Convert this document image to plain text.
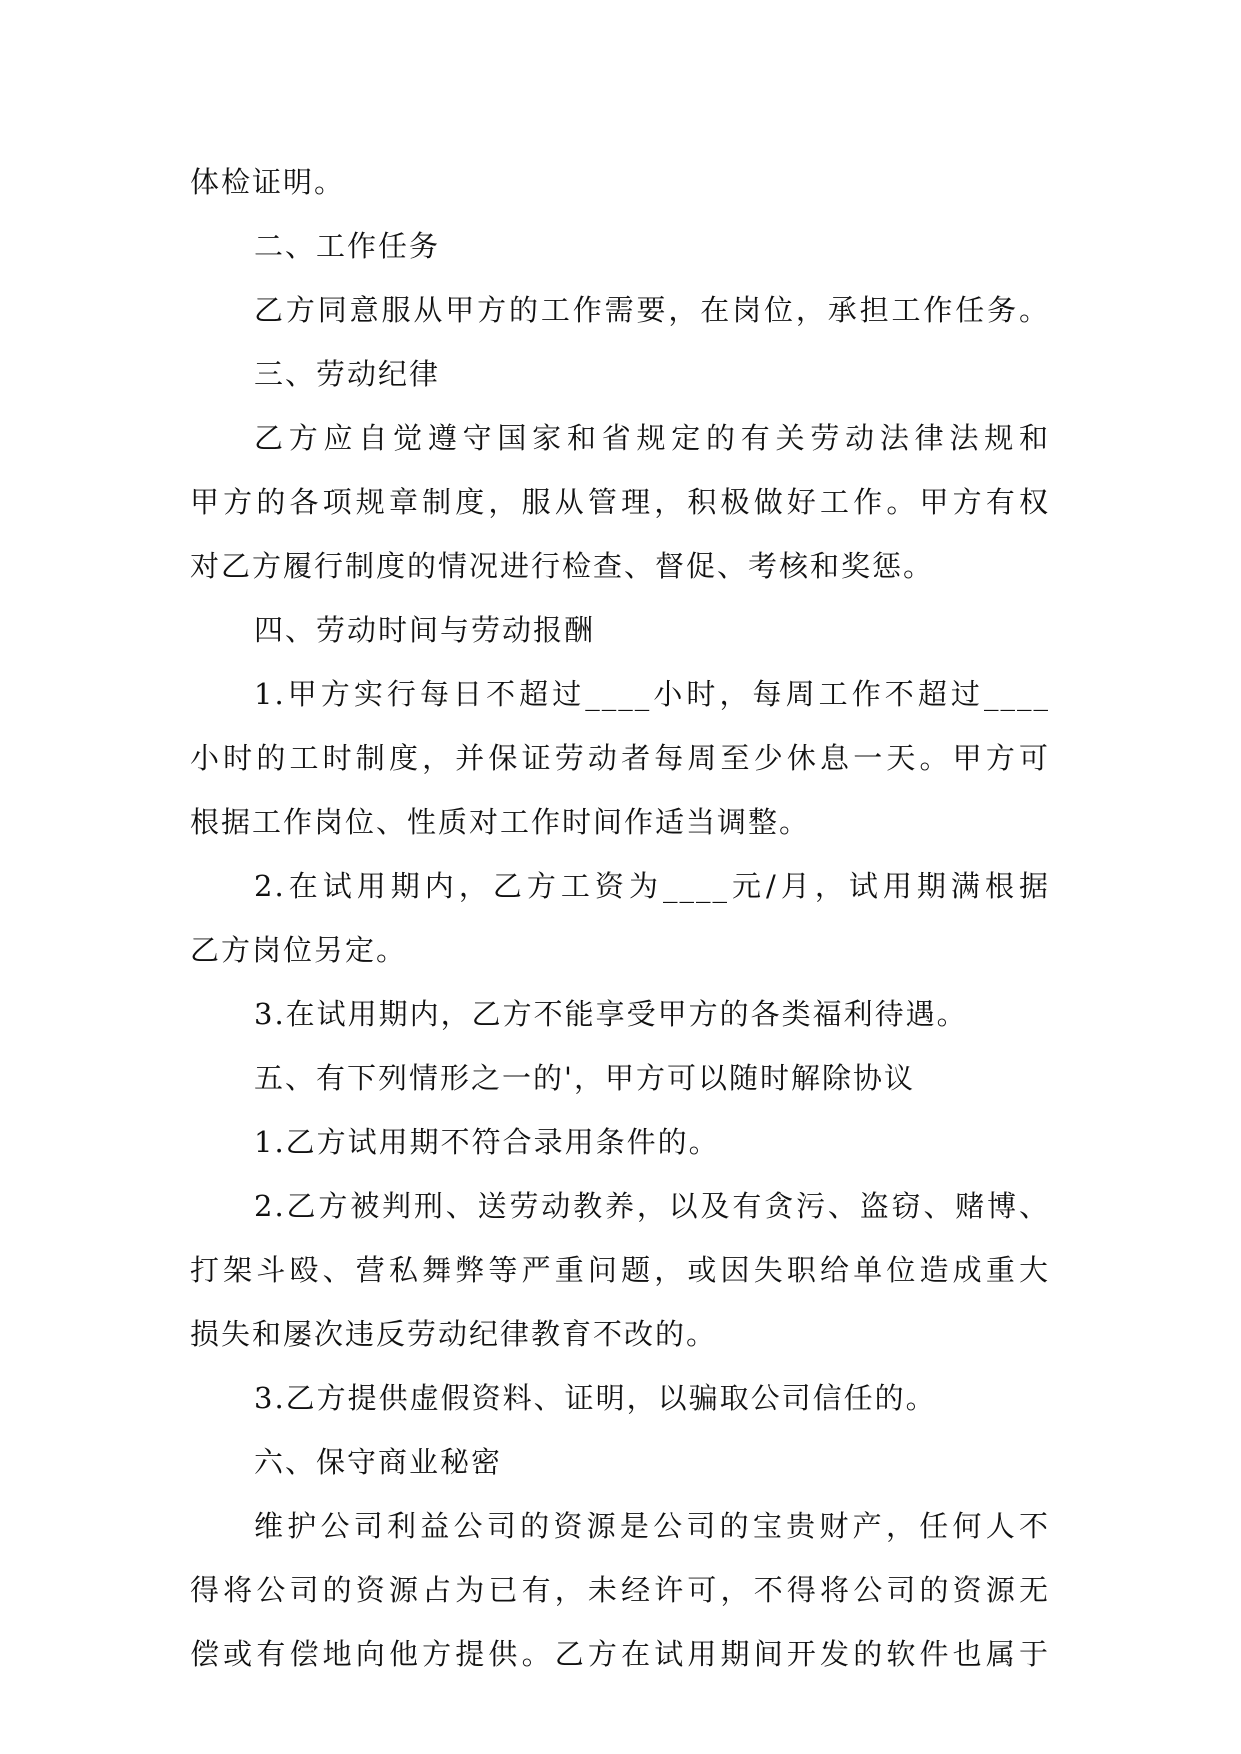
体检证明。
二、工作任务
乙方同意服从甲方的工作需要，在岗位，承担工作任务。
三、劳动纪律
乙方应自觉遵守国家和省规定的有关劳动法律法规和
甲方的各项规章制度，服从管理，积极做好工作。甲方有权
对乙方履行制度的情况进行检查、督促、考核和奖惩。
四、劳动时间与劳动报酬
1.甲方实行每日不超过____小时，每周工作不超过____
小时的工时制度，并保证劳动者每周至少休息一天。甲方可
根据工作岗位、性质对工作时间作适当调整。
2.在试用期内，乙方工资为____元/月，试用期满根据
乙方岗位另定。
3.在试用期内，乙方不能享受甲方的各类福利待遇。
五、有下列情形之一的'，甲方可以随时解除协议
1.乙方试用期不符合录用条件的。
2.乙方被判刑、送劳动教养，以及有贪污、盗窃、赌博、
打架斗殴、营私舞弊等严重问题，或因失职给单位造成重大
损失和屡次违反劳动纪律教育不改的。
3.乙方提供虚假资料、证明，以骗取公司信任的。
六、保守商业秘密
维护公司利益公司的资源是公司的宝贵财产，任何人不
得将公司的资源占为已有，未经许可，不得将公司的资源无
偿或有偿地向他方提供。乙方在试用期间开发的软件也属于
